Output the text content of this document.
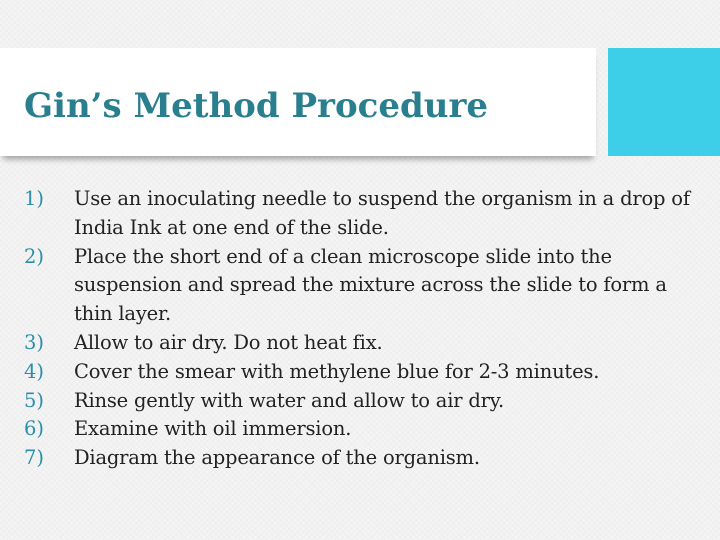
Gin’s Method Procedure
1)	Use an inoculating needle to suspend the organism in a drop of India Ink at one end of the slide.
2)	Place the short end of a clean microscope slide into the suspension and spread the mixture across the slide to form a thin layer.
3)	Allow to air dry. Do not heat fix.
4)	Cover the smear with methylene blue for 2-3 minutes.
5)	Rinse gently with water and allow to air dry.
6)	Examine with oil immersion.
7)	Diagram the appearance of the organism.
